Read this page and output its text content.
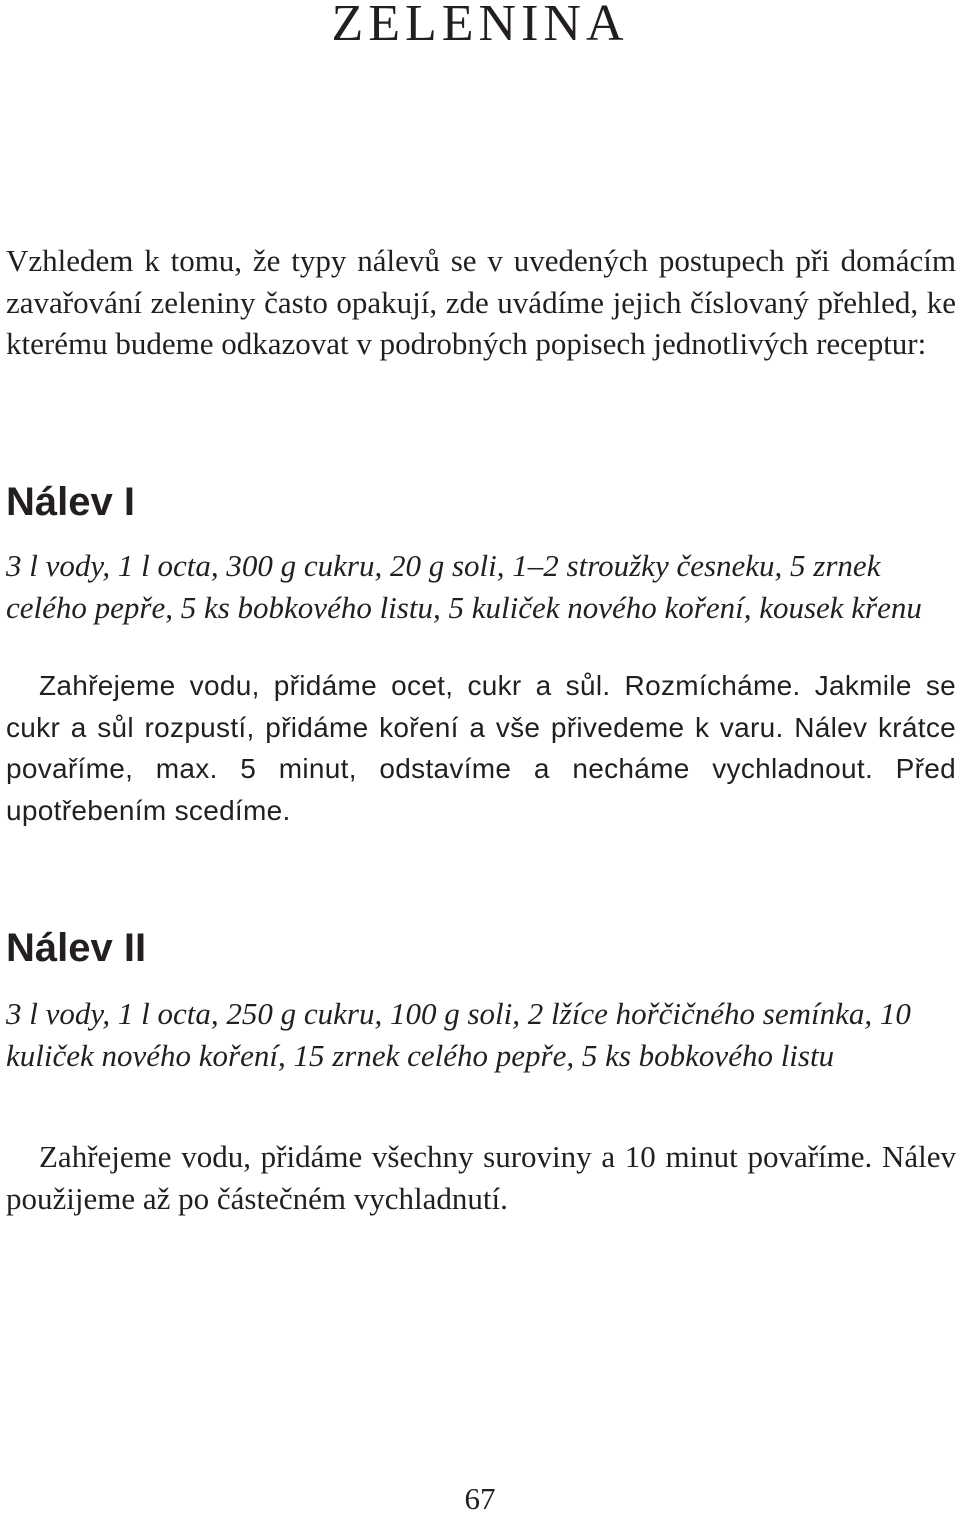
ZELENINA

Vzhledem k tomu, že typy nálevů se v uvedených postupech při domácím zavařování zeleniny často opakují, zde uvádíme jejich číslovaný přehled, ke kterému budeme odkazovat v podrobných popisech jednotlivých receptur:

Nálev I

3 l vody, 1 l octa, 300 g cukru, 20 g soli, 1–2 stroužky česneku, 5 zrnek celého pepře, 5 ks bobkového listu, 5 kuliček nového koření, kousek křenu

Zahřejeme vodu, přidáme ocet, cukr a sůl. Rozmícháme. Jakmile se cukr a sůl rozpustí, přidáme koření a vše přivedeme k varu. Nálev krátce povaříme, max. 5 minut, odstavíme a necháme vychladnout. Před upotřebením scedíme.

Nálev II

3 l vody, 1 l octa, 250 g cukru, 100 g soli, 2 lžíce hořčičného semínka, 10 kuliček nového koření, 15 zrnek celého pepře, 5 ks bobkového listu

Zahřejeme vodu, přidáme všechny suroviny a 10 minut povaříme. Nálev použijeme až po částečném vychladnutí.

67
